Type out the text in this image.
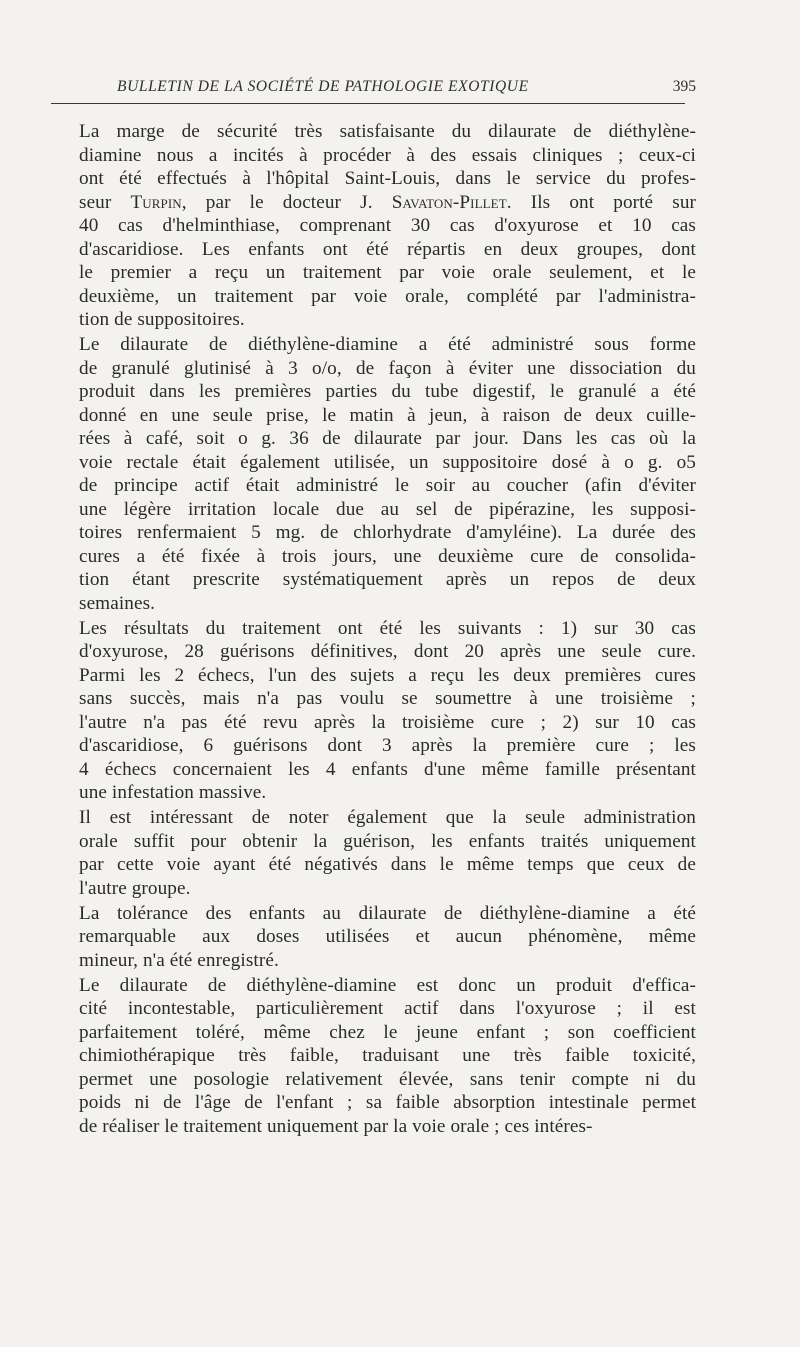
BULLETIN DE LA SOCIÉTÉ DE PATHOLOGIE EXOTIQUE	395

La marge de sécurité très satisfaisante du dilaurate de diéthylène-
diamine nous a incités à procéder à des essais cliniques ; ceux-ci
ont été effectués à l'hôpital Saint-Louis, dans le service du profes-
seur Turpin, par le docteur J. Savaton-Pillet. Ils ont porté sur
40 cas d'helminthiase, comprenant 30 cas d'oxyurose et 10 cas
d'ascaridiose. Les enfants ont été répartis en deux groupes, dont
le premier a reçu un traitement par voie orale seulement, et le
deuxième, un traitement par voie orale, complété par l'administra-
tion de suppositoires.

Le dilaurate de diéthylène-diamine a été administré sous forme
de granulé glutinisé à 3 o/o, de façon à éviter une dissociation du
produit dans les premières parties du tube digestif, le granulé a été
donné en une seule prise, le matin à jeun, à raison de deux cuille-
rées à café, soit o g. 36 de dilaurate par jour. Dans les cas où la
voie rectale était également utilisée, un suppositoire dosé à o g. o5
de principe actif était administré le soir au coucher (afin d'éviter
une légère irritation locale due au sel de pipérazine, les supposi-
toires renfermaient 5 mg. de chlorhydrate d'amyléine). La durée des
cures a été fixée à trois jours, une deuxième cure de consolida-
tion étant prescrite systématiquement après un repos de deux
semaines.

Les résultats du traitement ont été les suivants : 1) sur 30 cas
d'oxyurose, 28 guérisons définitives, dont 20 après une seule cure.
Parmi les 2 échecs, l'un des sujets a reçu les deux premières cures
sans succès, mais n'a pas voulu se soumettre à une troisième ;
l'autre n'a pas été revu après la troisième cure ; 2) sur 10 cas
d'ascaridiose, 6 guérisons dont 3 après la première cure ; les
4 échecs concernaient les 4 enfants d'une même famille présentant
une infestation massive.

Il est intéressant de noter également que la seule administration
orale suffit pour obtenir la guérison, les enfants traités uniquement
par cette voie ayant été négativés dans le même temps que ceux de
l'autre groupe.

La tolérance des enfants au dilaurate de diéthylène-diamine a été
remarquable aux doses utilisées et aucun phénomène, même
mineur, n'a été enregistré.

Le dilaurate de diéthylène-diamine est donc un produit d'effica-
cité incontestable, particulièrement actif dans l'oxyurose ; il est
parfaitement toléré, même chez le jeune enfant ; son coefficient
chimiothérapique très faible, traduisant une très faible toxicité,
permet une posologie relativement élevée, sans tenir compte ni du
poids ni de l'âge de l'enfant ; sa faible absorption intestinale permet
de réaliser le traitement uniquement par la voie orale ; ces intéres-
